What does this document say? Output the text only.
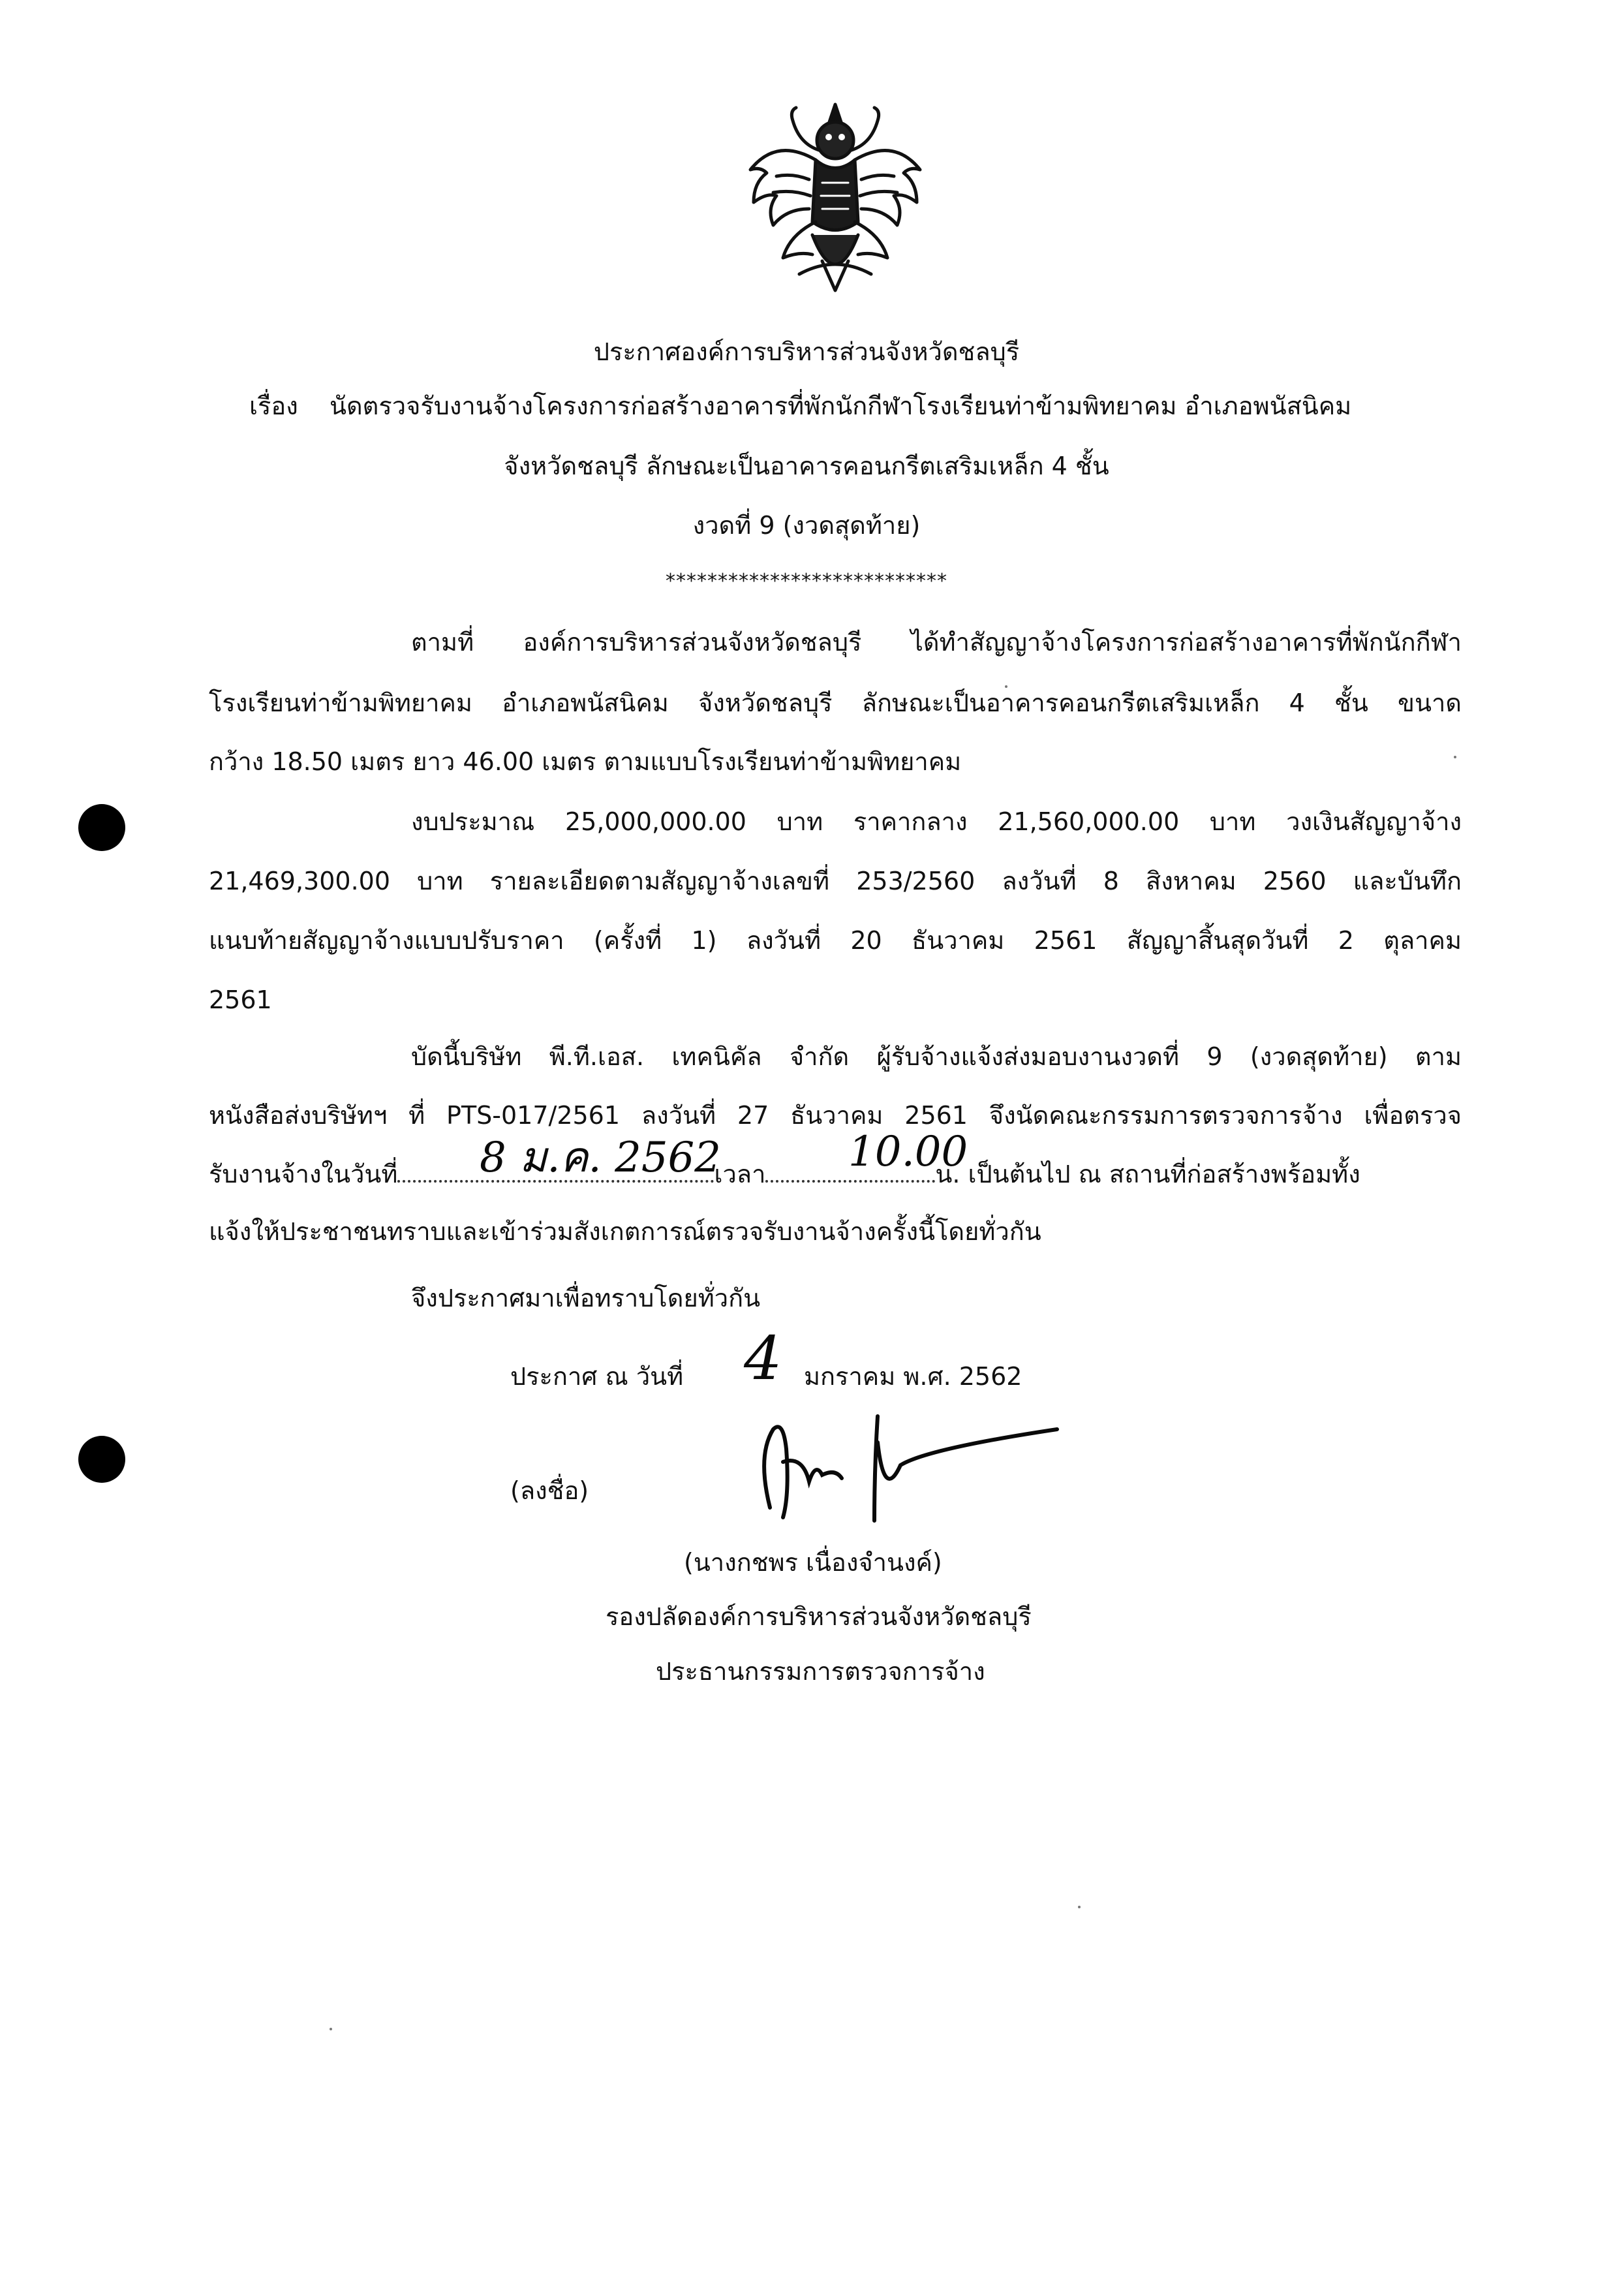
ประกาศองค์การบริหารส่วนจังหวัดชลบุรี
เรื่อง นัดตรวจรับงานจ้างโครงการก่อสร้างอาคารที่พักนักกีฬาโรงเรียนท่าข้ามพิทยาคม อำเภอพนัสนิคม
จังหวัดชลบุรี ลักษณะเป็นอาคารคอนกรีตเสริมเหล็ก 4 ชั้น
งวดที่ 9 (งวดสุดท้าย)
***************************
ตามที่ องค์การบริหารส่วนจังหวัดชลบุรี ได้ทำสัญญาจ้างโครงการก่อสร้างอาคารที่พักนักกีฬา
โรงเรียนท่าข้ามพิทยาคม อำเภอพนัสนิคม จังหวัดชลบุรี ลักษณะเป็นอาคารคอนกรีตเสริมเหล็ก 4 ชั้น ขนาด
กว้าง 18.50 เมตร ยาว 46.00 เมตร ตามแบบโรงเรียนท่าข้ามพิทยาคม
งบประมาณ 25,000,000.00 บาท ราคากลาง 21,560,000.00 บาท วงเงินสัญญาจ้าง
21,469,300.00 บาท รายละเอียดตามสัญญาจ้างเลขที่ 253/2560 ลงวันที่ 8 สิงหาคม 2560 และบันทึก
แนบท้ายสัญญาจ้างแบบปรับราคา (ครั้งที่ 1) ลงวันที่ 20 ธันวาคม 2561 สัญญาสิ้นสุดวันที่ 2 ตุลาคม
2561
บัดนี้บริษัท พี.ที.เอส. เทคนิคัล จำกัด ผู้รับจ้างแจ้งส่งมอบงานงวดที่ 9 (งวดสุดท้าย) ตาม
หนังสือส่งบริษัทฯ ที่ PTS-017/2561 ลงวันที่ 27 ธันวาคม 2561 จึงนัดคณะกรรมการตรวจการจ้าง เพื่อตรวจ
รับงานจ้างในวันที่	เวลา	น. เป็นต้นไป ณ สถานที่ก่อสร้างพร้อมทั้ง
8 ม.ค. 2562	10.00
แจ้งให้ประชาชนทราบและเข้าร่วมสังเกตการณ์ตรวจรับงานจ้างครั้งนี้โดยทั่วกัน
จึงประกาศมาเพื่อทราบโดยทั่วกัน
ประกาศ ณ วันที่ 4 มกราคม พ.ศ. 2562
(ลงชื่อ)
(นางกชพร เนื่องจำนงค์)
รองปลัดองค์การบริหารส่วนจังหวัดชลบุรี
ประธานกรรมการตรวจการจ้าง
